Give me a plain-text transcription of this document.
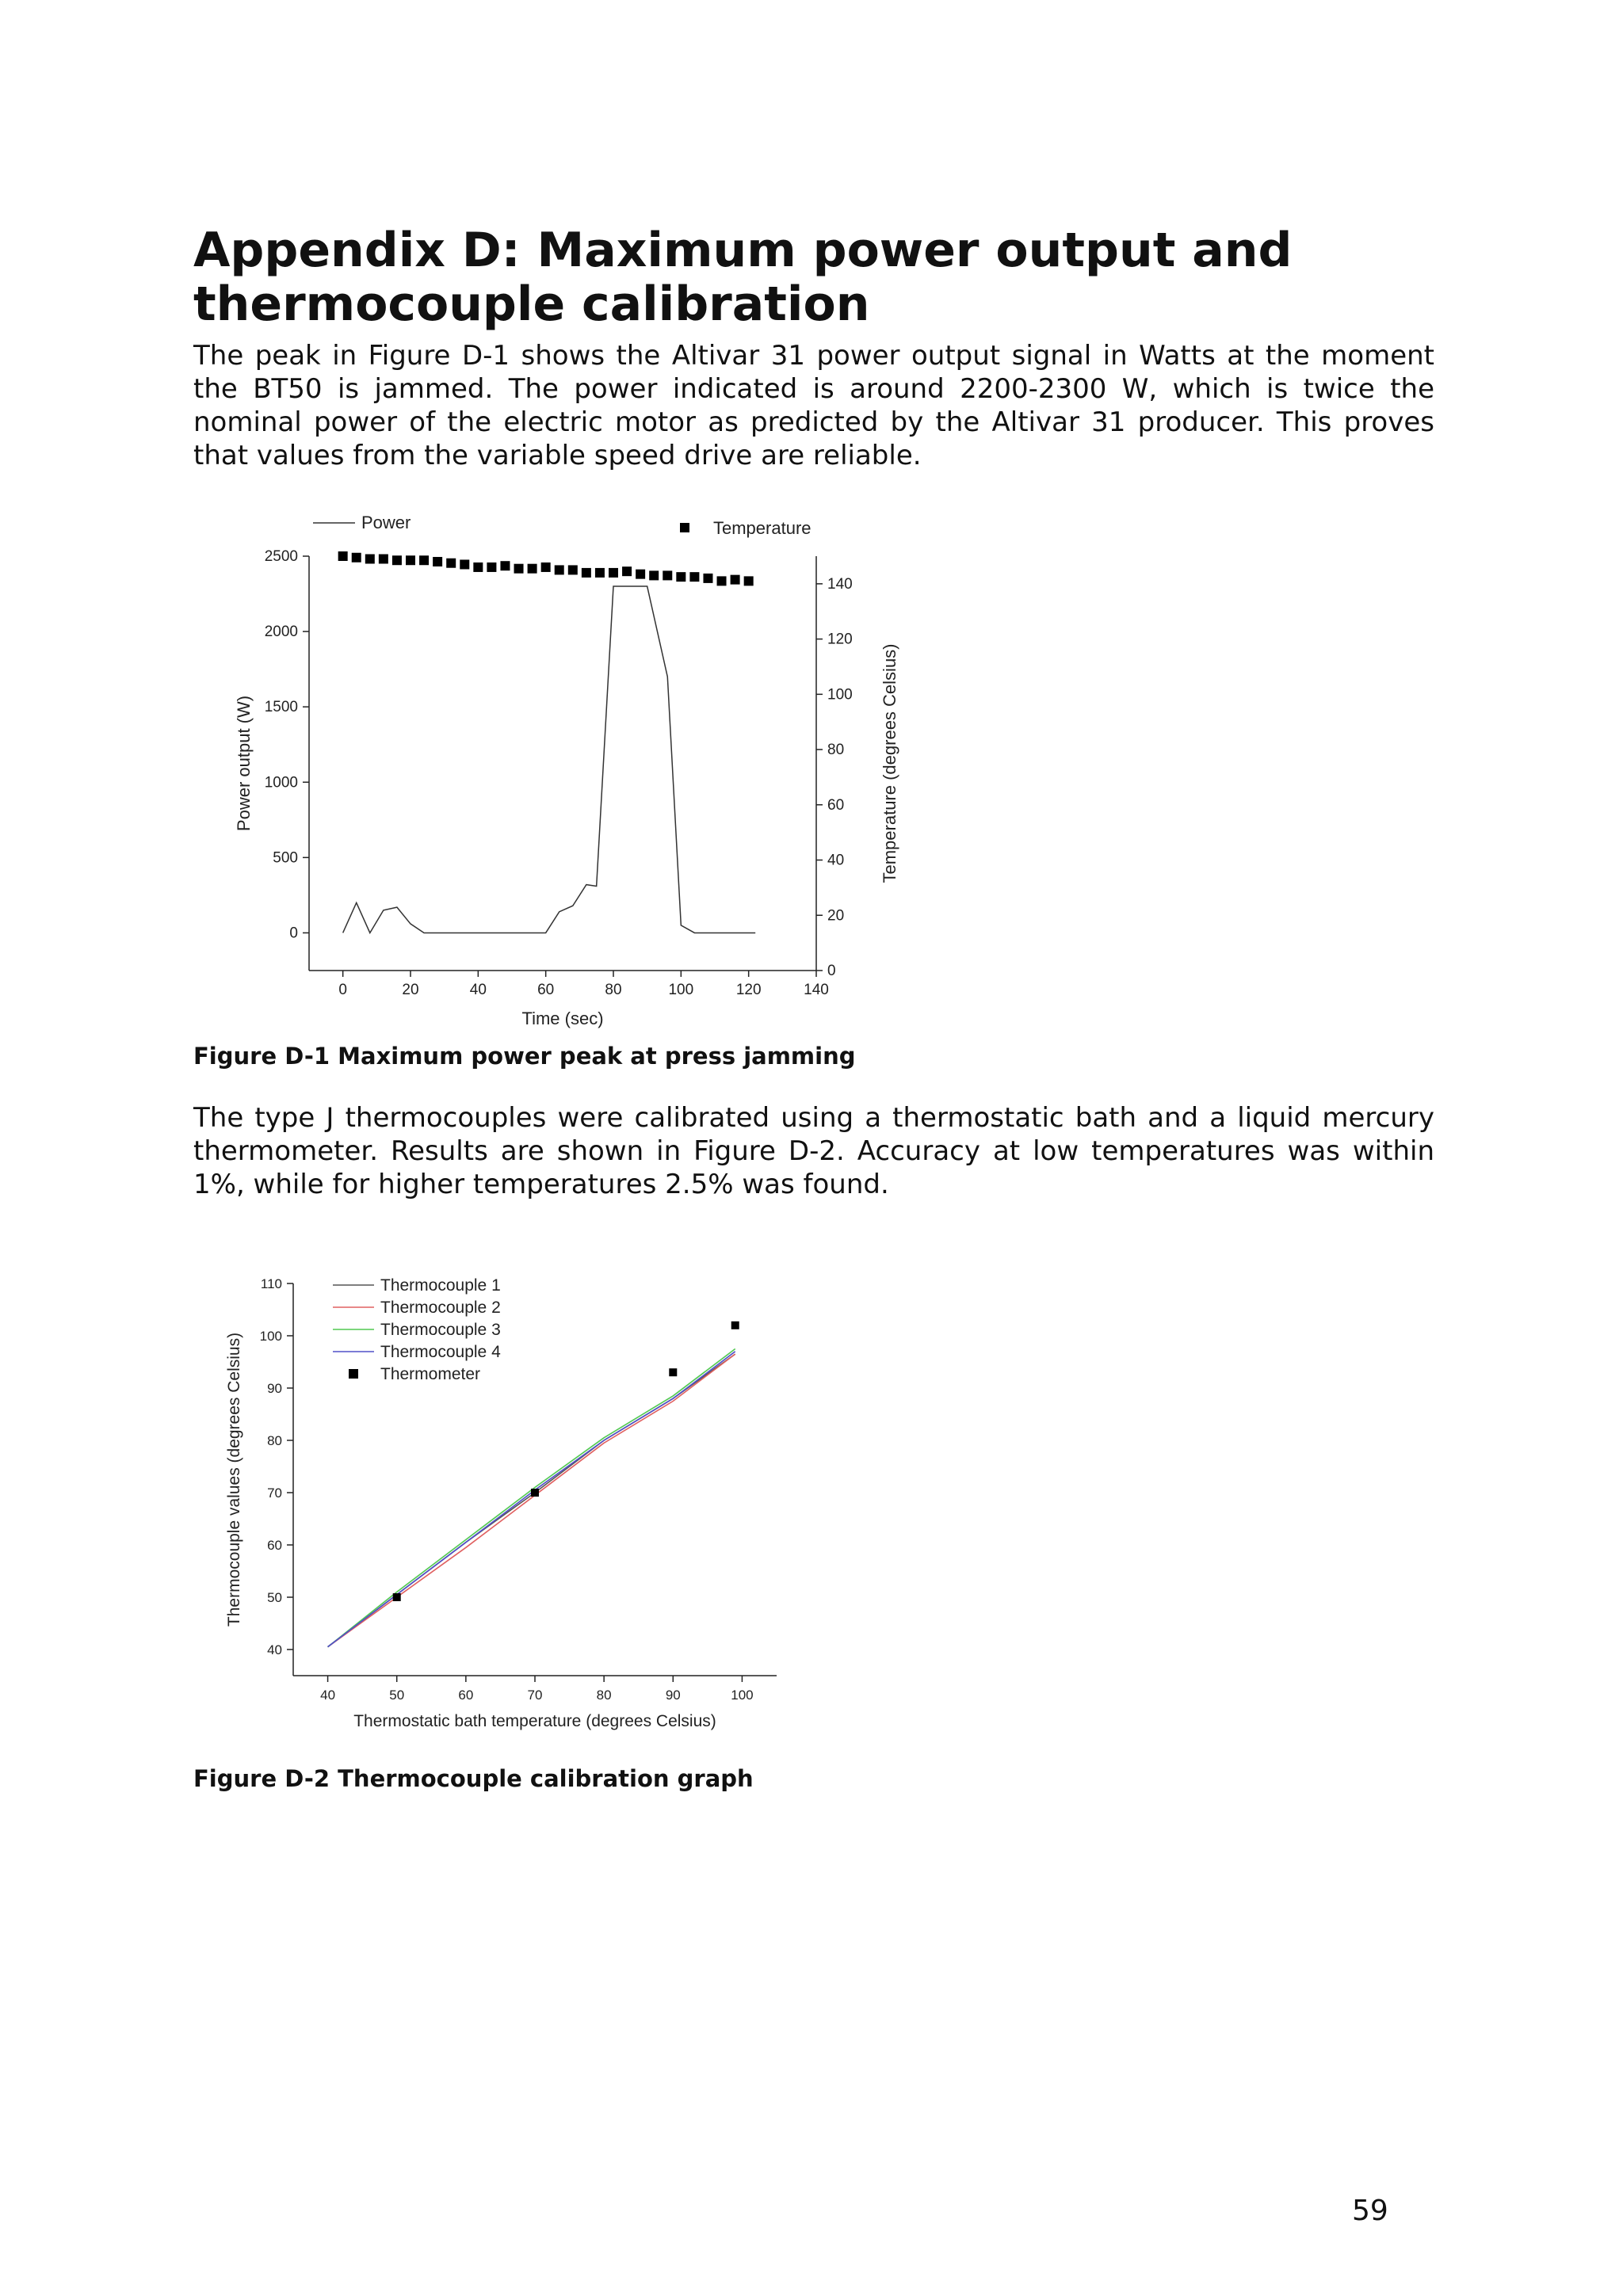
Appendix D: Maximum power output and thermocouple calibration

The peak in Figure D-1 shows the Altivar 31 power output signal in Watts at the moment the BT50 is jammed. The power indicated is around 2200-2300 W, which is twice the nominal power of the electric motor as predicted by the Altivar 31 producer. This proves that values from the variable speed drive are reliable.

0	20	40	60	80	100	120	140
0
500
1000
1500
2000
2500
0
20
40
60
80
100
120
140
Time (sec)
Power output (W)	Temperature (degrees Celsius)
Power	Temperature

Figure D-1 Maximum power peak at press jamming

The type J thermocouples were calibrated using a thermostatic bath and a liquid mercury thermometer. Results are shown in Figure D-2. Accuracy at low temperatures was within 1%, while for higher temperatures 2.5% was found.

40	50	60	70	80	90	100
40
50
60
70
80
90
100
110
Thermostatic bath temperature (degrees Celsius)
Thermocouple values (degrees Celsius)
Thermocouple 1
Thermocouple 2
Thermocouple 3
Thermocouple 4
Thermometer

Figure D-2 Thermocouple calibration graph

59
